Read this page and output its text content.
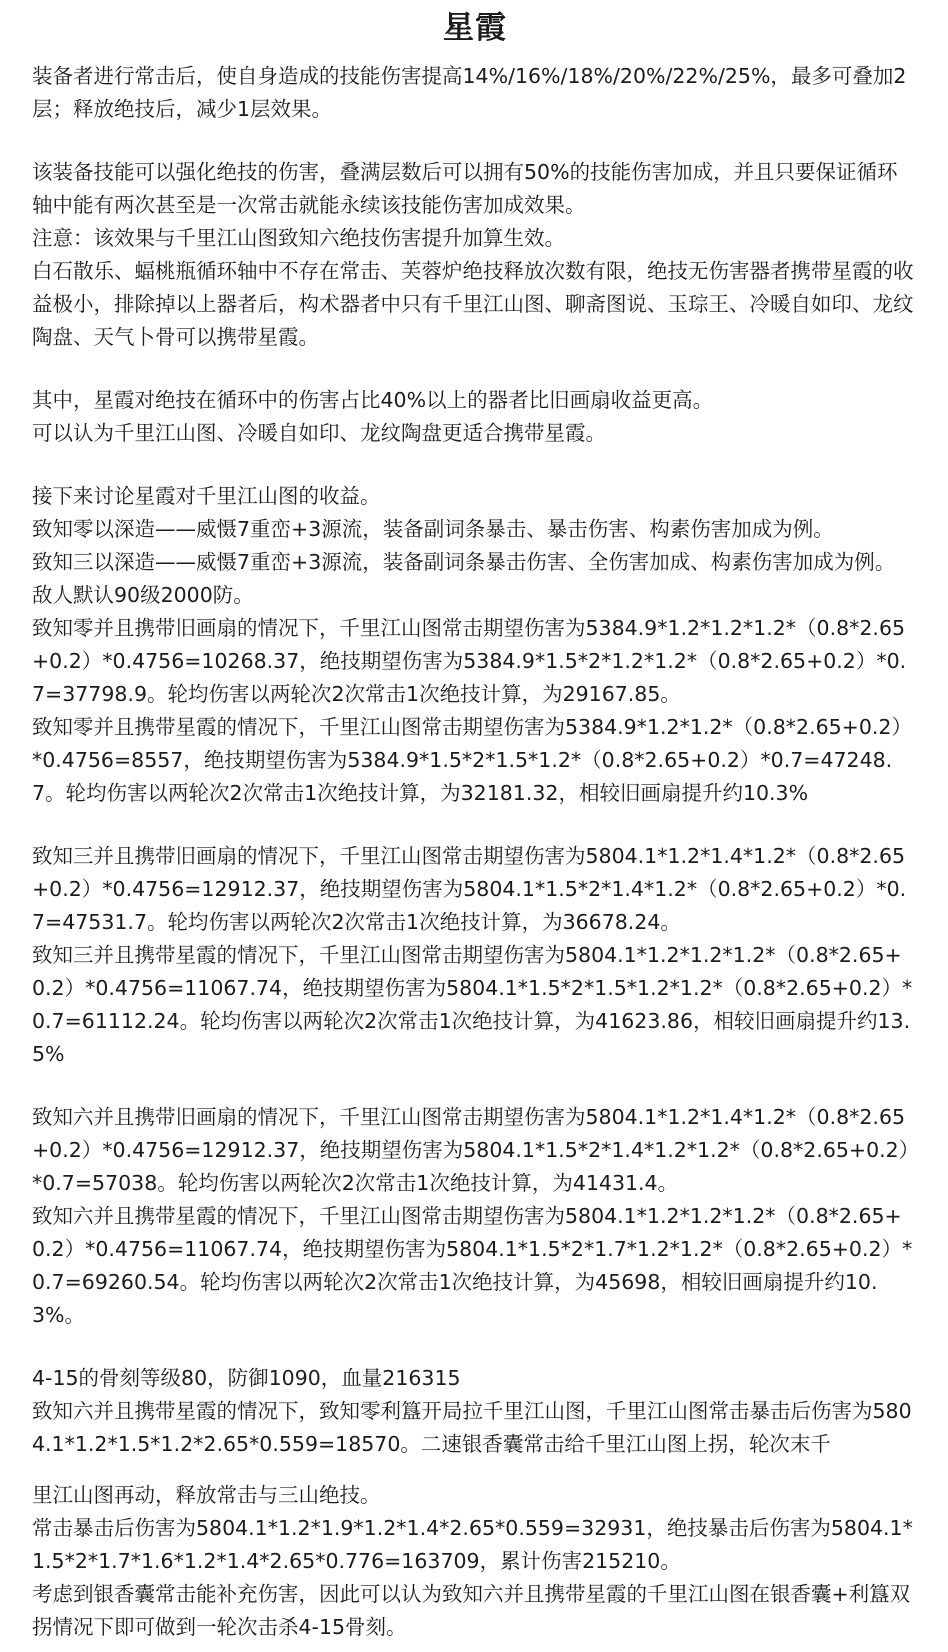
星霞

装备者进行常击后，使自身造成的技能伤害提高14%/16%/18%/20%/22%/25%，最多可叠加2层；释放绝技后，减少1层效果。

该装备技能可以强化绝技的伤害，叠满层数后可以拥有50%的技能伤害加成，并且只要保证循环轴中能有两次甚至是一次常击就能永续该技能伤害加成效果。

注意：该效果与千里江山图致知六绝技伤害提升加算生效。

白石散乐、蝠桃瓶循环轴中不存在常击、芙蓉炉绝技释放次数有限，绝技无伤害器者携带星霞的收益极小，排除掉以上器者后，构术器者中只有千里江山图、聊斋图说、玉琮王、冷暖自如印、龙纹陶盘、天气卜骨可以携带星霞。

其中，星霞对绝技在循环中的伤害占比40%以上的器者比旧画扇收益更高。

可以认为千里江山图、冷暖自如印、龙纹陶盘更适合携带星霞。

接下来讨论星霞对千里江山图的收益。

致知零以深造——威慑7重峦+3源流，装备副词条暴击、暴击伤害、构素伤害加成为例。

致知三以深造——威慑7重峦+3源流，装备副词条暴击伤害、全伤害加成、构素伤害加成为例。

敌人默认90级2000防。

致知零并且携带旧画扇的情况下，千里江山图常击期望伤害为5384.9*1.2*1.2*1.2*（0.8*2.65+0.2）*0.4756=10268.37，绝技期望伤害为5384.9*1.5*2*1.2*1.2*（0.8*2.65+0.2）*0.7=37798.9。轮均伤害以两轮次2次常击1次绝技计算，为29167.85。

致知零并且携带星霞的情况下，千里江山图常击期望伤害为5384.9*1.2*1.2*（0.8*2.65+0.2）*0.4756=8557，绝技期望伤害为5384.9*1.5*2*1.5*1.2*（0.8*2.65+0.2）*0.7=47248.7。轮均伤害以两轮次2次常击1次绝技计算，为32181.32，相较旧画扇提升约10.3%

致知三并且携带旧画扇的情况下，千里江山图常击期望伤害为5804.1*1.2*1.4*1.2*（0.8*2.65+0.2）*0.4756=12912.37，绝技期望伤害为5804.1*1.5*2*1.4*1.2*（0.8*2.65+0.2）*0.7=47531.7。轮均伤害以两轮次2次常击1次绝技计算，为36678.24。

致知三并且携带星霞的情况下，千里江山图常击期望伤害为5804.1*1.2*1.2*1.2*（0.8*2.65+0.2）*0.4756=11067.74，绝技期望伤害为5804.1*1.5*2*1.5*1.2*1.2*（0.8*2.65+0.2）*0.7=61112.24。轮均伤害以两轮次2次常击1次绝技计算，为41623.86，相较旧画扇提升约13.5%

致知六并且携带旧画扇的情况下，千里江山图常击期望伤害为5804.1*1.2*1.4*1.2*（0.8*2.65+0.2）*0.4756=12912.37，绝技期望伤害为5804.1*1.5*2*1.4*1.2*1.2*（0.8*2.65+0.2）*0.7=57038。轮均伤害以两轮次2次常击1次绝技计算，为41431.4。

致知六并且携带星霞的情况下，千里江山图常击期望伤害为5804.1*1.2*1.2*1.2*（0.8*2.65+0.2）*0.4756=11067.74，绝技期望伤害为5804.1*1.5*2*1.7*1.2*1.2*（0.8*2.65+0.2）*0.7=69260.54。轮均伤害以两轮次2次常击1次绝技计算，为45698，相较旧画扇提升约10.3%。

4-15的骨刻等级80，防御1090，血量216315

致知六并且携带星霞的情况下，致知零利簋开局拉千里江山图，千里江山图常击暴击后伤害为5804.1*1.2*1.5*1.2*2.65*0.559=18570。二速银香囊常击给千里江山图上拐，轮次末千

里江山图再动，释放常击与三山绝技。

常击暴击后伤害为5804.1*1.2*1.9*1.2*1.4*2.65*0.559=32931，绝技暴击后伤害为5804.1*1.5*2*1.7*1.6*1.2*1.4*2.65*0.776=163709，累计伤害215210。

考虑到银香囊常击能补充伤害，因此可以认为致知六并且携带星霞的千里江山图在银香囊+利簋双拐情况下即可做到一轮次击杀4-15骨刻。
